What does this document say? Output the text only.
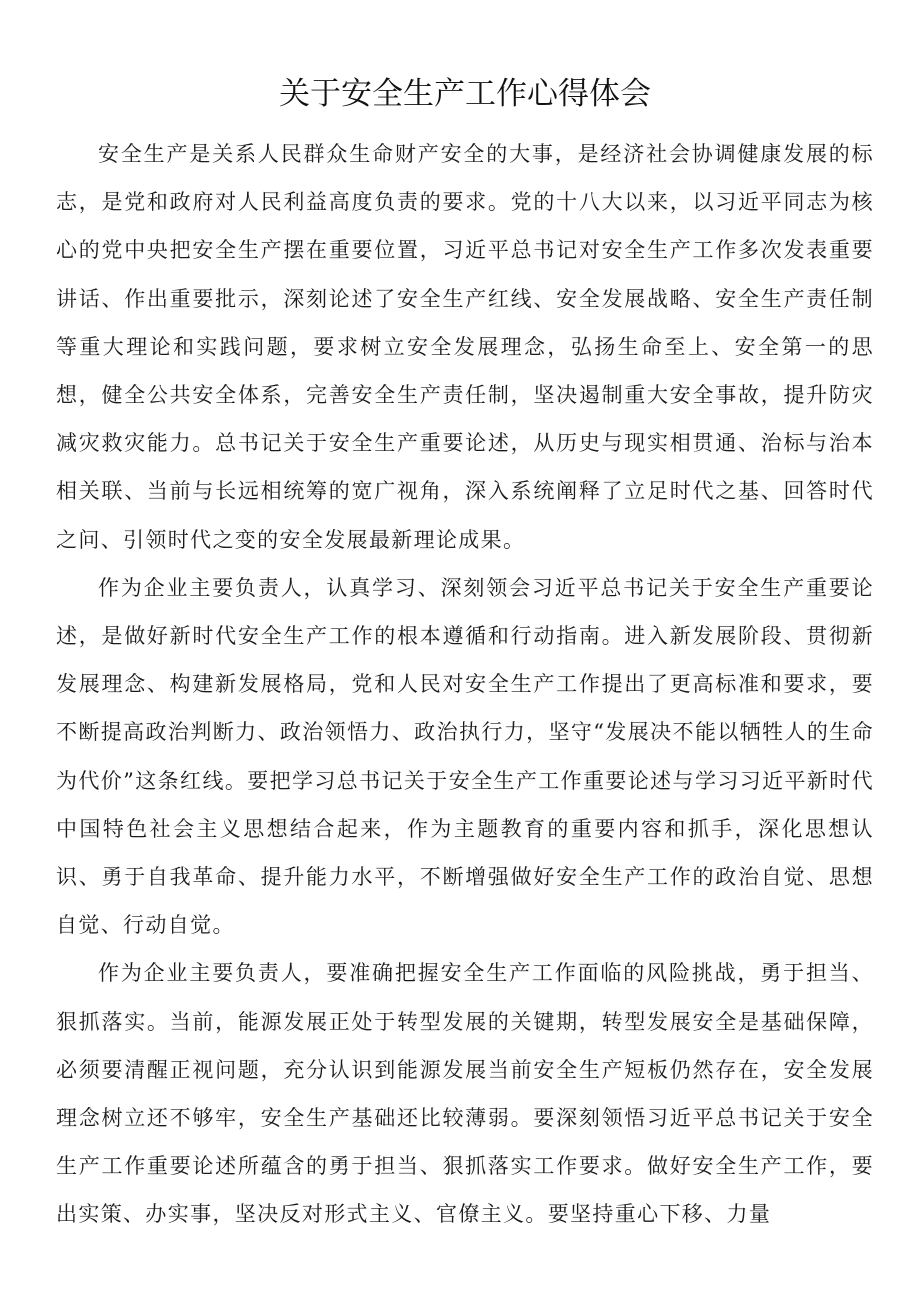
关于安全生产工作心得体会

安全生产是关系人民群众生命财产安全的大事，是经济社会协调健康发展的标志，是党和政府对人民利益高度负责的要求。党的十八大以来，以习近平同志为核心的党中央把安全生产摆在重要位置，习近平总书记对安全生产工作多次发表重要讲话、作出重要批示，深刻论述了安全生产红线、安全发展战略、安全生产责任制等重大理论和实践问题，要求树立安全发展理念，弘扬生命至上、安全第一的思想，健全公共安全体系，完善安全生产责任制，坚决遏制重大安全事故，提升防灾减灾救灾能力。总书记关于安全生产重要论述，从历史与现实相贯通、治标与治本相关联、当前与长远相统筹的宽广视角，深入系统阐释了立足时代之基、回答时代之问、引领时代之变的安全发展最新理论成果。

作为企业主要负责人，认真学习、深刻领会习近平总书记关于安全生产重要论述，是做好新时代安全生产工作的根本遵循和行动指南。进入新发展阶段、贯彻新发展理念、构建新发展格局，党和人民对安全生产工作提出了更高标准和要求，要不断提高政治判断力、政治领悟力、政治执行力，坚守“发展决不能以牺牲人的生命为代价”这条红线。要把学习总书记关于安全生产工作重要论述与学习习近平新时代中国特色社会主义思想结合起来，作为主题教育的重要内容和抓手，深化思想认识、勇于自我革命、提升能力水平，不断增强做好安全生产工作的政治自觉、思想自觉、行动自觉。

作为企业主要负责人，要准确把握安全生产工作面临的风险挑战，勇于担当、狠抓落实。当前，能源发展正处于转型发展的关键期，转型发展安全是基础保障，必须要清醒正视问题，充分认识到能源发展当前安全生产短板仍然存在，安全发展理念树立还不够牢，安全生产基础还比较薄弱。要深刻领悟习近平总书记关于安全生产工作重要论述所蕴含的勇于担当、狠抓落实工作要求。做好安全生产工作，要出实策、办实事，坚决反对形式主义、官僚主义。要坚持重心下移、力量
